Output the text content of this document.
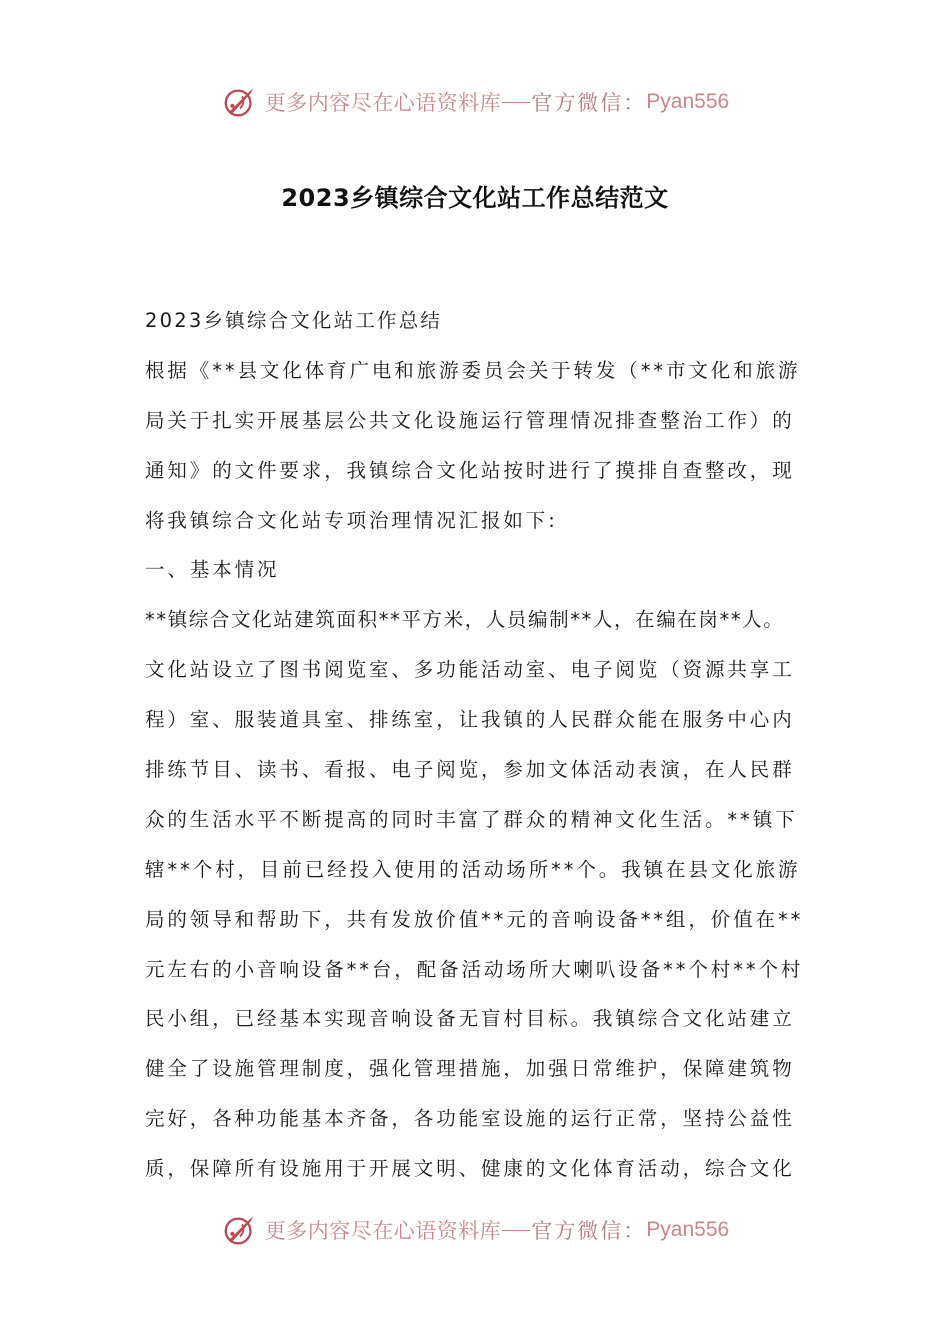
更多内容尽在心语资料库 官方微信： Pyan556
2023乡镇综合文化站工作总结范文
2023乡镇综合文化站工作总结
根据《**县文化体育广电和旅游委员会关于转发（**市文化和旅游
局关于扎实开展基层公共文化设施运行管理情况排查整治工作）的
通知》的文件要求，我镇综合文化站按时进行了摸排自查整改，现
将我镇综合文化站专项治理情况汇报如下:
一、基本情况
**镇综合文化站建筑面积**平方米，人员编制**人，在编在岗**人。
文化站设立了图书阅览室、多功能活动室、电子阅览（资源共享工
程）室、服装道具室、排练室，让我镇的人民群众能在服务中心内
排练节目、读书、看报、电子阅览，参加文体活动表演，在人民群
众的生活水平不断提高的同时丰富了群众的精神文化生活。**镇下
辖**个村，目前已经投入使用的活动场所**个。我镇在县文化旅游
局的领导和帮助下，共有发放价值**元的音响设备**组，价值在**
元左右的小音响设备**台，配备活动场所大喇叭设备**个村**个村
民小组，已经基本实现音响设备无盲村目标。我镇综合文化站建立
健全了设施管理制度，强化管理措施，加强日常维护，保障建筑物
完好，各种功能基本齐备，各功能室设施的运行正常，坚持公益性
质，保障所有设施用于开展文明、健康的文化体育活动，综合文化
更多内容尽在心语资料库 官方微信： Pyan556
